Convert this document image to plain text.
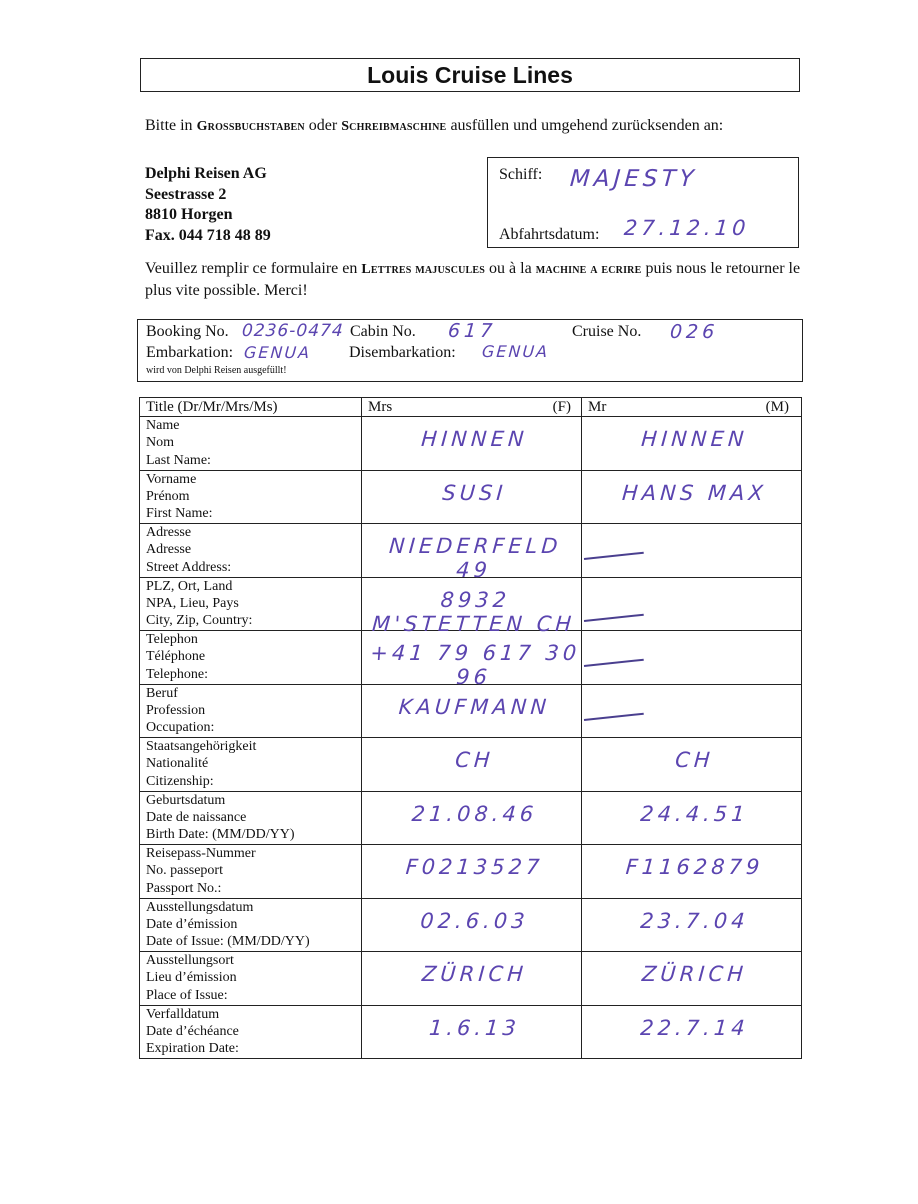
Louis Cruise Lines
Bitte in Grossbuchstaben oder Schreibmaschine ausfüllen und umgehend zurücksenden an:
Delphi Reisen AG
Seestrasse 2
8810 Horgen
Fax. 044 718 48 89
Schiff: MAJESTY
Abfahrtsdatum: 27.12.10
Veuillez remplir ce formulaire en Lettres majuscules ou à la machine a ecrire puis nous le retourner le plus vite possible. Merci!
Booking No. 0236-0474 Cabin No. 617	Cruise No. 026
Embarkation: GENUA Disembarkation: GENUA
wird von Delphi Reisen ausgefüllt!
Title (Dr/Mr/Mrs/Ms)	Mrs (F)	Mr (M)

Name
Nom
Last Name:	HINNEN	HINNEN

Vorname
Prénom
First Name:	SUSI	HANS MAX

Adresse
Adresse
Street Address:	NIEDERFELD 49	

PLZ, Ort, Land
NPA, Lieu, Pays
City, Zip, Country:	8932 M'STETTEN CH	

Telephon
Téléphone
Telephone:	+41 79 617 30 96	

Beruf
Profession
Occupation:	KAUFMANN	

Staatsangehörigkeit
Nationalité
Citizenship:	CH	CH

Geburtsdatum
Date de naissance
Birth Date: (MM/DD/YY)	21.08.46	24.4.51

Reisepass-Nummer
No. passeport
Passport No.:	F0213527	F1162879

Ausstellungsdatum
Date d’émission
Date of Issue: (MM/DD/YY)	02.6.03	23.7.04

Ausstellungsort
Lieu d’émission
Place of Issue:	ZÜRICH	ZÜRICH

Verfalldatum
Date d’échéance
Expiration Date:	1.6.13	22.7.14
